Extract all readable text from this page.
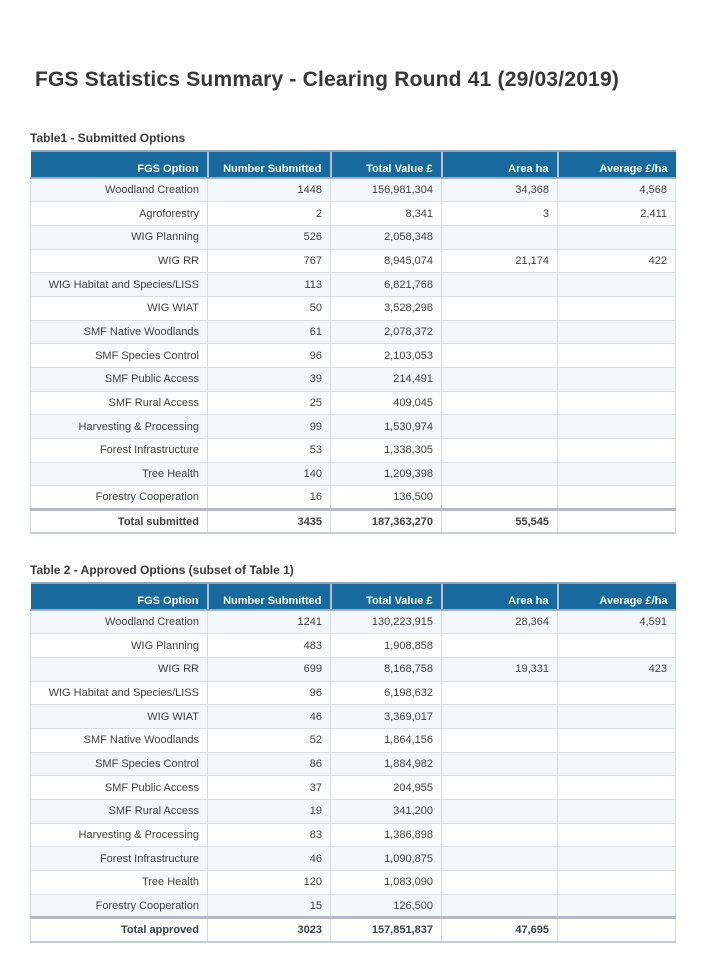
FGS Statistics Summary - Clearing Round 41 (29/03/2019)
Table1 - Submitted Options
FGS Option	Number Submitted	Total Value £	Area ha	Average £/ha
Woodland Creation	1448	156,981,304	34,368	4,568
Agroforestry	2	8,341	3	2,411
WIG Planning	526	2,058,348		
WIG RR	767	8,945,074	21,174	422
WIG Habitat and Species/LISS	113	6,821,768		
WIG WIAT	50	3,528,298		
SMF Native Woodlands	61	2,078,372		
SMF Species Control	96	2,103,053		
SMF Public Access	39	214,491		
SMF Rural Access	25	409,045		
Harvesting & Processing	99	1,530,974		
Forest Infrastructure	53	1,338,305		
Tree Health	140	1,209,398		
Forestry Cooperation	16	136,500		
Total submitted	3435	187,363,270	55,545	
Table 2 - Approved Options (subset of Table 1)
FGS Option	Number Submitted	Total Value £	Area ha	Average £/ha
Woodland Creation	1241	130,223,915	28,364	4,591
WIG Planning	483	1,908,858		
WIG RR	699	8,168,758	19,331	423
WIG Habitat and Species/LISS	96	6,198,632		
WIG WIAT	46	3,369,017		
SMF Native Woodlands	52	1,864,156		
SMF Species Control	86	1,884,982		
SMF Public Access	37	204,955		
SMF Rural Access	19	341,200		
Harvesting & Processing	83	1,386,898		
Forest Infrastructure	46	1,090,875		
Tree Health	120	1,083,090		
Forestry Cooperation	15	126,500		
Total approved	3023	157,851,837	47,695	
